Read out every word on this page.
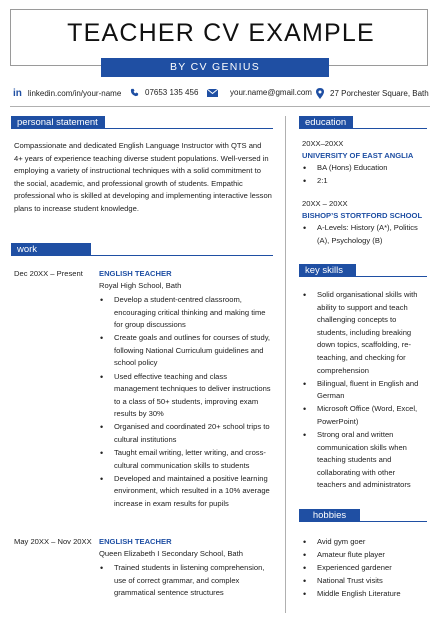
TEACHER CV EXAMPLE
BY CV GENIUS
in linkedin.com/in/your-name	07653 135 456	your.name@gmail.com 27 Porchester Square, Bath
personal statement
Compassionate and dedicated English Language Instructor with QTS and 4+ years of experience teaching diverse student populations. Well-versed in employing a variety of instructional techniques with a solid commitment to the social, academic, and professional growth of students. Empathic professional who is skilled at developing and implementing interactive lesson plans to increase student knowledge.
work experience
Dec 20XX – Present ENGLISH TEACHER
Royal High School, Bath
• Develop a student-centred classroom, encouraging critical thinking and making time for group discussions
• Create goals and outlines for courses of study, following National Curriculum guidelines and school policy
• Used effective teaching and class management techniques to deliver instructions to a class of 50+ students, improving exam results by 30%
• Organised and coordinated 20+ school trips to cultural institutions
• Taught email writing, letter writing, and cross-cultural communication skills to students
• Developed and maintained a positive learning environment, which resulted in a 10% average increase in exam results for pupils
May 20XX – Nov 20XX ENGLISH TEACHER
Queen Elizabeth I Secondary School, Bath
• Trained students in listening comprehension, use of correct grammar, and complex grammatical sentence structures
education
20XX–20XX
UNIVERSITY OF EAST ANGLIA
• BA (Hons) Education
• 2:1
20XX – 20XX
BISHOP’S STORTFORD SCHOOL
• A-Levels: History (A*), Politics (A), Psychology (B)
key skills
• Solid organisational skills with ability to support and teach challenging concepts to students, including breaking down topics, scaffolding, re-teaching, and checking for comprehension
• Bilingual, fluent in English and German
• Microsoft Office (Word, Excel, PowerPoint)
• Strong oral and written communication skills when teaching students and collaborating with other teachers and administrators
hobbies
• Avid gym goer
• Amateur flute player
• Experienced gardener
• National Trust visits
• Middle English Literature
